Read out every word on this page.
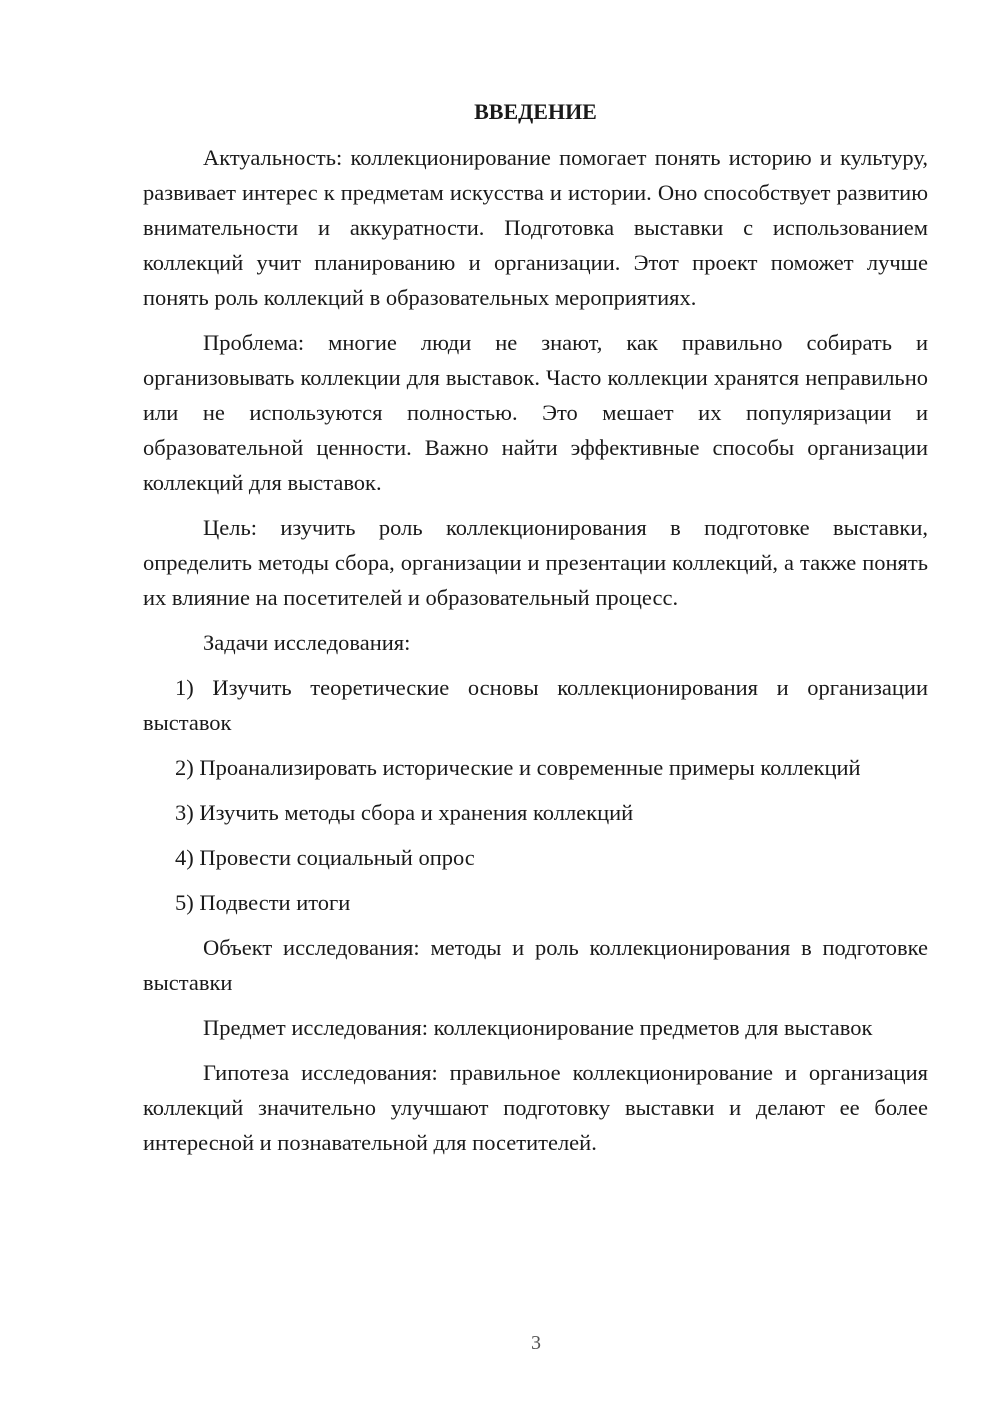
ВВЕДЕНИЕ

Актуальность: коллекционирование помогает понять историю и культуру, развивает интерес к предметам искусства и истории. Оно способствует развитию внимательности и аккуратности. Подготовка выставки с использованием коллекций учит планированию и организации. Этот проект поможет лучше понять роль коллекций в образовательных мероприятиях.

Проблема: многие люди не знают, как правильно собирать и организовывать коллекции для выставок. Часто коллекции хранятся неправильно или не используются полностью. Это мешает их популяризации и образовательной ценности. Важно найти эффективные способы организации коллекций для выставок.

Цель: изучить роль коллекционирования в подготовке выставки, определить методы сбора, организации и презентации коллекций, а также понять их влияние на посетителей и образовательный процесс.

Задачи исследования:

1) Изучить теоретические основы коллекционирования и организации выставок

2) Проанализировать исторические и современные примеры коллекций

3) Изучить методы сбора и хранения коллекций

4) Провести социальный опрос

5) Подвести итоги

Объект исследования: методы и роль коллекционирования в подготовке выставки

Предмет исследования: коллекционирование предметов для выставок

Гипотеза исследования: правильное коллекционирование и организация коллекций значительно улучшают подготовку выставки и делают ее более интересной и познавательной для посетителей.

3
